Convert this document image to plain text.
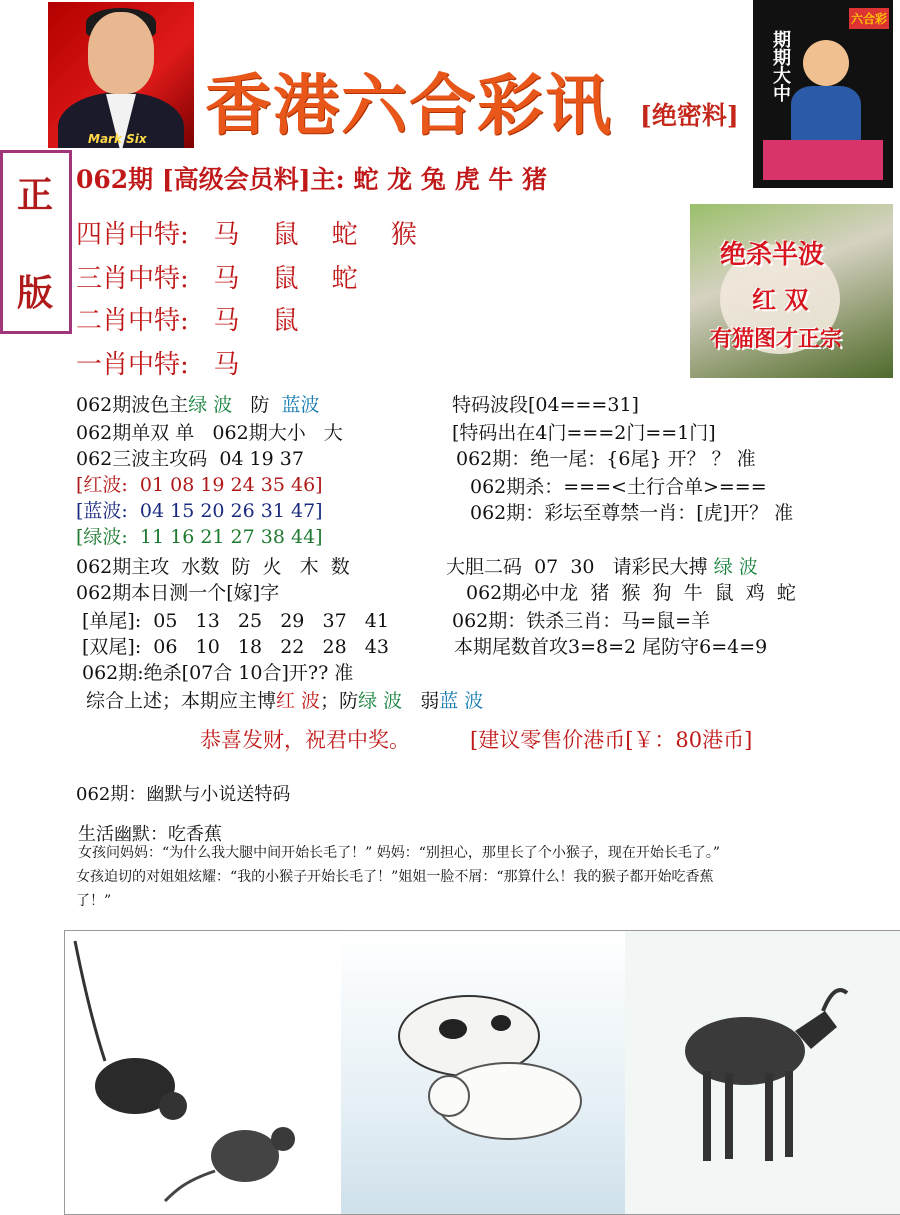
Mark Six 香港六合彩讯 [绝密料]
期期大中
六合彩
正
版
062期 [高级会员料]主: 蛇 龙 兔 虎 牛 猪
四肖中特:   马    鼠    蛇    猴
三肖中特:   马    鼠    蛇
二肖中特:   马    鼠
一肖中特:   马
绝杀半波
红 双
有猫图才正宗
062期波色主绿 波   防  蓝波
062期单双 单   062期大小   大
062三波主攻码  04 19 37
[红波:  01 08 19 24 35 46]
[蓝波:  04 15 20 26 31 47]
[绿波:  11 16 21 27 38 44]
062期主攻  水数  防  火   木  数
062期本日测一个[嫁]字
[单尾]:  05   13   25   29   37   41
[双尾]:  06   10   18   22   28   43
062期:绝杀[07合 10合]开?? 准
综合上述；本期应主博红 波；防绿 波   弱蓝 波
特码波段[04===31]
[特码出在4门===2门==1门]
062期：绝一尾：{6尾} 开？ ？ 准
062期杀：===<土行合单>===
062期：彩坛至尊禁一肖：[虎]开？ 准
大胆二码  07  30   请彩民大搏 绿 波
062期必中龙  猪  猴  狗  牛  鼠  鸡  蛇
062期：铁杀三肖：马=鼠=羊
本期尾数首攻3=8=2 尾防守6=4=9
恭喜发财，祝君中奖。	[建议零售价港币[￥：80港币]
062期：幽默与小说送特码
生活幽默：吃香蕉
女孩问妈妈：“为什么我大腿中间开始长毛了！” 妈妈：“别担心，那里长了个小猴子，现在开始长毛了。”
女孩迫切的对姐姐炫耀：“我的小猴子开始长毛了！”姐姐一脸不屑：“那算什么！我的猴子都开始吃香蕉
了！”
